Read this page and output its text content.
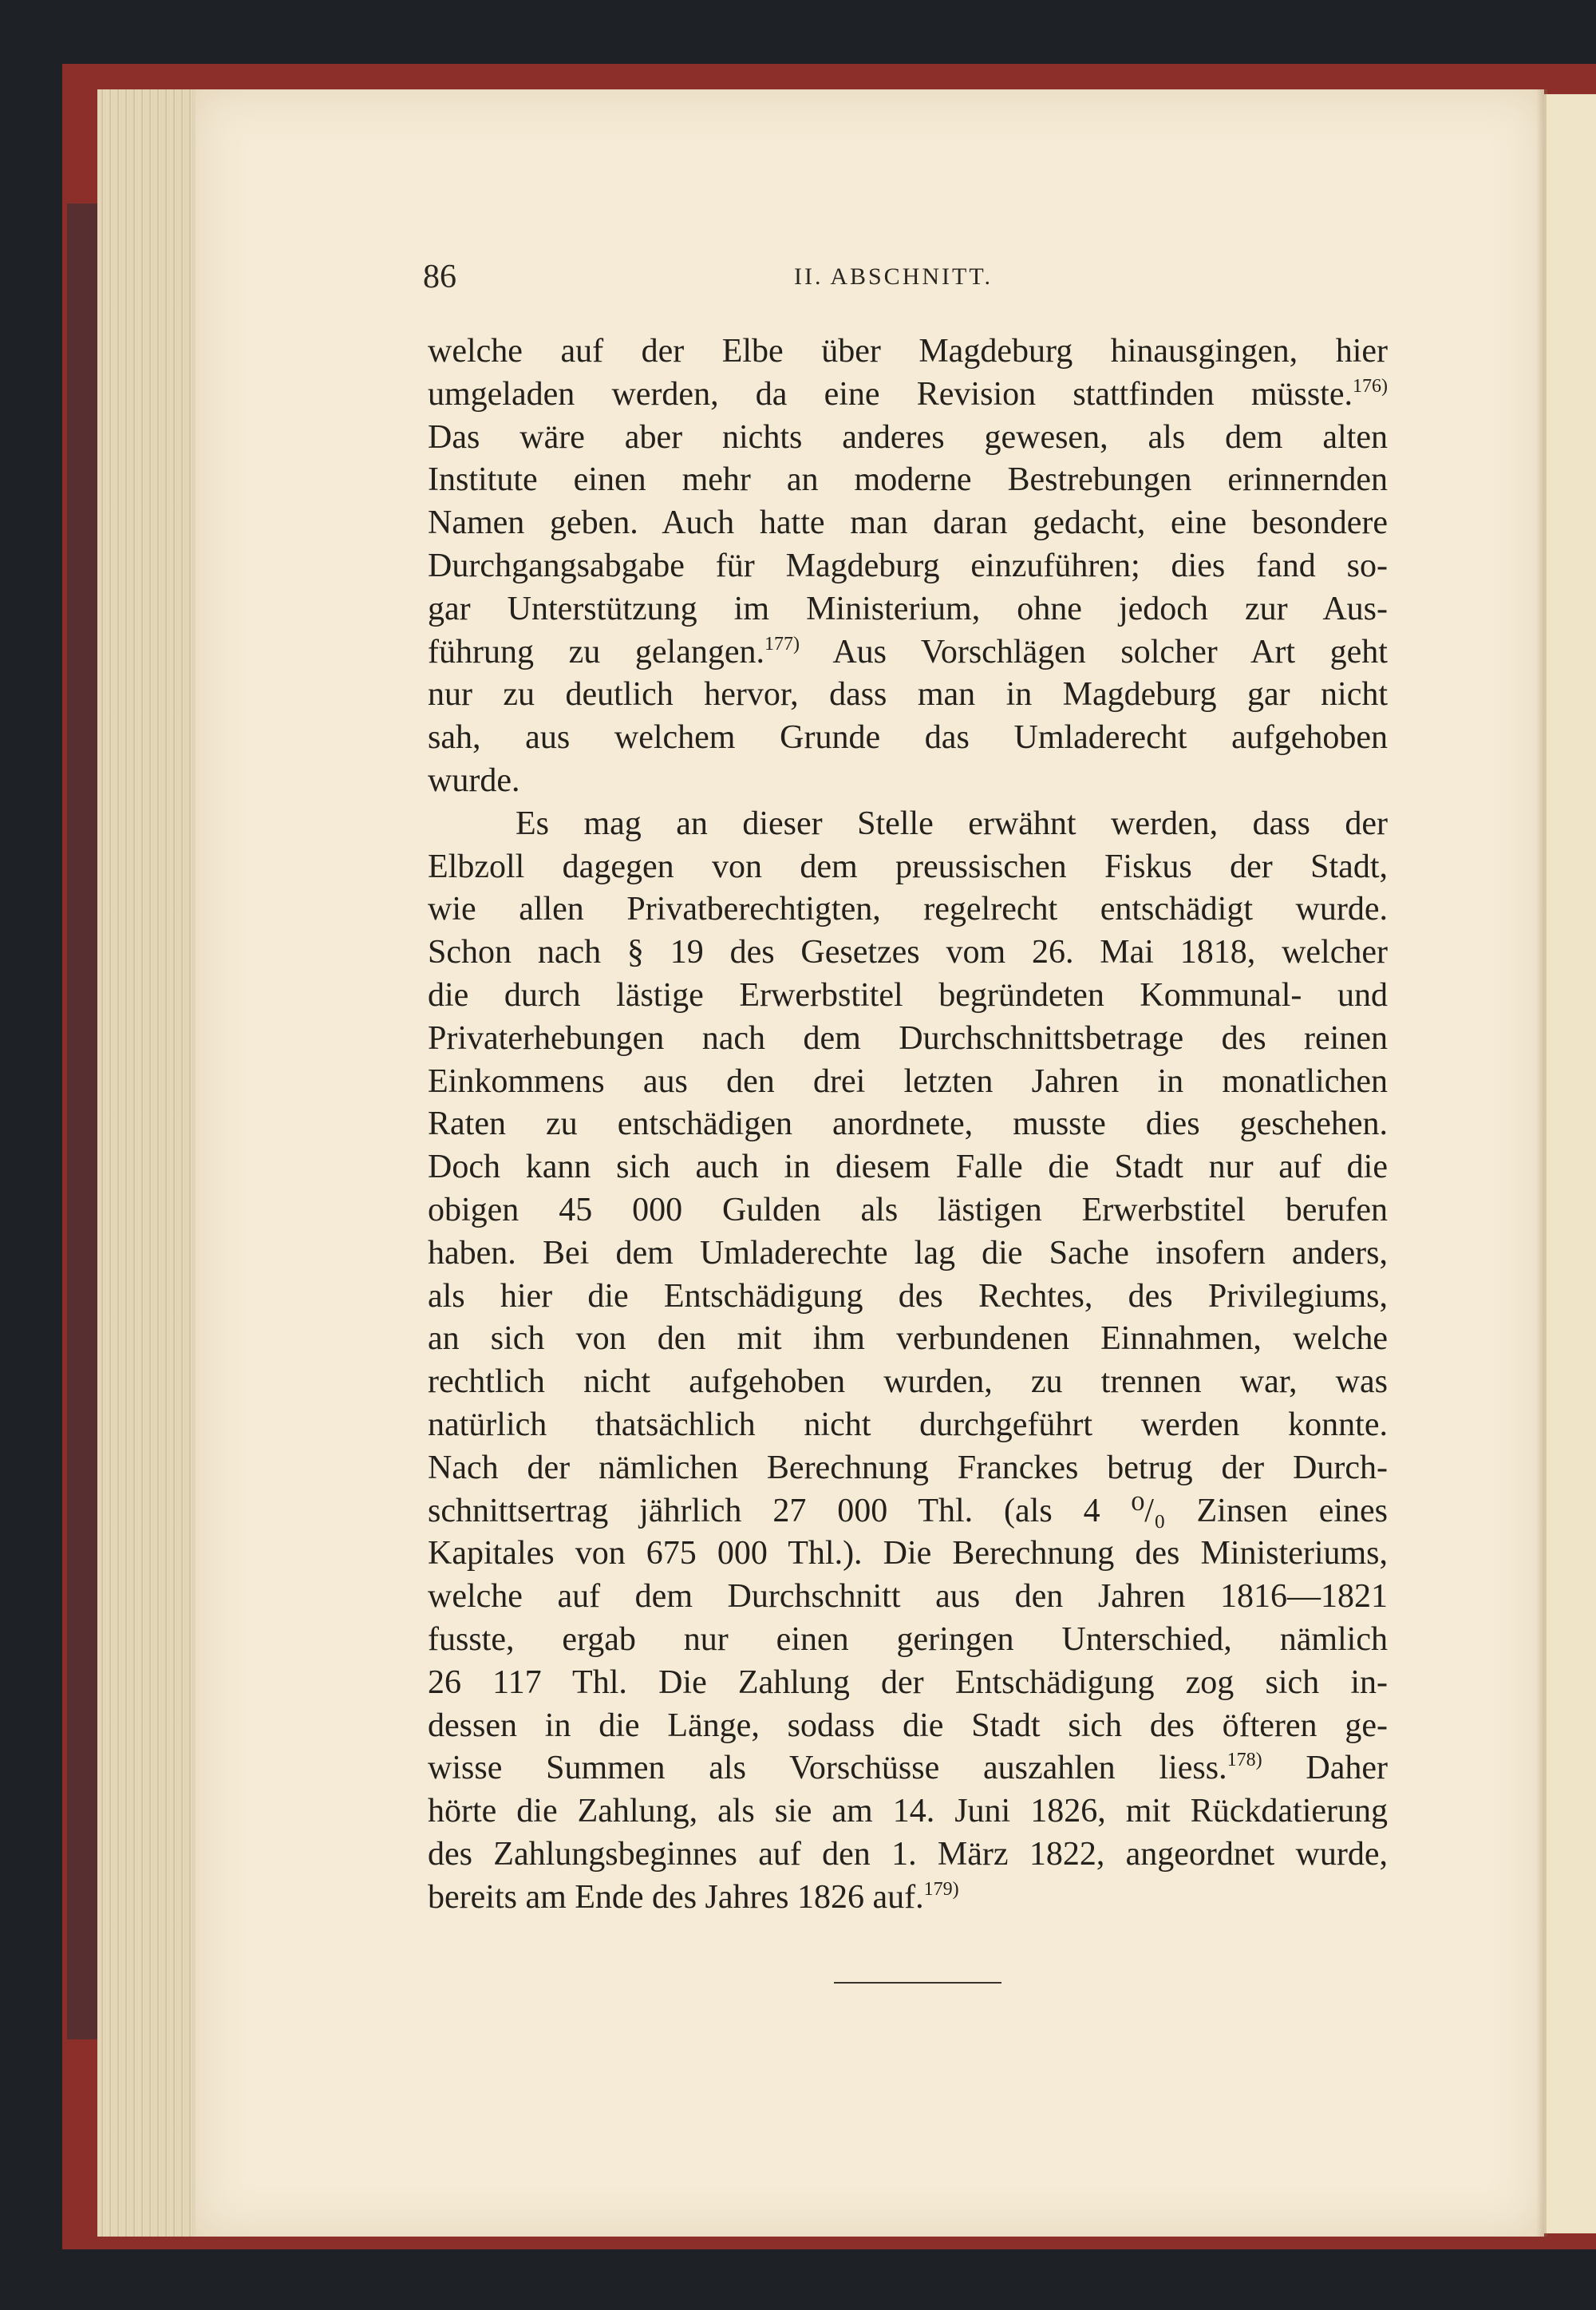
86	II. ABSCHNITT.
welche auf der Elbe über Magdeburg hinausgingen, hier
umgeladen werden, da eine Revision stattfinden müsste.$^{176)}$
Das wäre aber nichts anderes gewesen, als dem alten
Institute einen mehr an moderne Bestrebungen erinnernden
Namen geben. Auch hatte man daran gedacht, eine besondere
Durchgangsabgabe für Magdeburg einzuführen; dies fand so-
gar Unterstützung im Ministerium, ohne jedoch zur Aus-
führung zu gelangen.$^{177)}$ Aus Vorschlägen solcher Art geht
nur zu deutlich hervor, dass man in Magdeburg gar nicht
sah, aus welchem Grunde das Umladerecht aufgehoben
wurde.
Es mag an dieser Stelle erwähnt werden, dass der
Elbzoll dagegen von dem preussischen Fiskus der Stadt,
wie allen Privatberechtigten, regelrecht entschädigt wurde.
Schon nach § 19 des Gesetzes vom 26. Mai 1818, welcher
die durch lästige Erwerbstitel begründeten Kommunal- und
Privaterhebungen nach dem Durchschnittsbetrage des reinen
Einkommens aus den drei letzten Jahren in monatlichen
Raten zu entschädigen anordnete, musste dies geschehen.
Doch kann sich auch in diesem Falle die Stadt nur auf die
obigen 45 000 Gulden als lästigen Erwerbstitel berufen
haben. Bei dem Umladerechte lag die Sache insofern anders,
als hier die Entschädigung des Rechtes, des Privilegiums,
an sich von den mit ihm verbundenen Einnahmen, welche
rechtlich nicht aufgehoben wurden, zu trennen war, was
natürlich thatsächlich nicht durchgeführt werden konnte.
Nach der nämlichen Berechnung Franckes betrug der Durch-
schnittsertrag jährlich 27 000 Thl. (als 4 ⁰/₀ Zinsen eines
Kapitales von 675 000 Thl.). Die Berechnung des Ministeriums,
welche auf dem Durchschnitt aus den Jahren 1816—1821
fusste, ergab nur einen geringen Unterschied, nämlich
26 117 Thl. Die Zahlung der Entschädigung zog sich in-
dessen in die Länge, sodass die Stadt sich des öfteren ge-
wisse Summen als Vorschüsse auszahlen liess.$^{178)}$ Daher
hörte die Zahlung, als sie am 14. Juni 1826, mit Rückdatierung
des Zahlungsbeginnes auf den 1. März 1822, angeordnet wurde,
bereits am Ende des Jahres 1826 auf.$^{179)}$
